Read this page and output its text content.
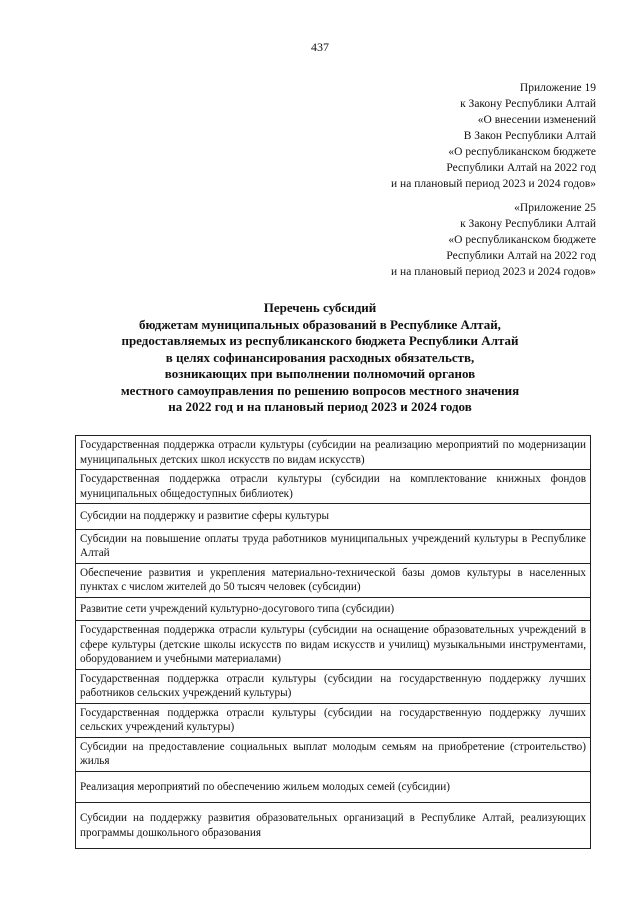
437
Приложение 19
к Закону Республики Алтай
«О внесении изменений
В Закон Республики Алтай
«О республиканском бюджете
Республики Алтай на 2022 год
и на плановый период 2023 и 2024 годов»
«Приложение 25
к Закону Республики Алтай
«О республиканском бюджете
Республики Алтай на 2022 год
и на плановый период 2023 и 2024 годов»
Перечень субсидий
бюджетам муниципальных образований в Республике Алтай,
предоставляемых из республиканского бюджета Республики Алтай
в целях софинансирования расходных обязательств,
возникающих при выполнении полномочий органов
местного самоуправления по решению вопросов местного значения
на 2022 год и на плановый период 2023 и 2024 годов
Государственная поддержка отрасли культуры (субсидии на реализацию мероприятий по модернизации муниципальных детских школ искусств по видам искусств)
Государственная поддержка отрасли культуры (субсидии на комплектование книжных фондов муниципальных общедоступных библиотек)
Субсидии на поддержку и развитие сферы культуры
Субсидии на повышение оплаты труда работников муниципальных учреждений культуры в Республике Алтай
Обеспечение развития и укрепления материально-технической базы домов культуры в населенных пунктах с числом жителей до 50 тысяч человек (субсидии)
Развитие сети учреждений культурно-досугового типа (субсидии)
Государственная поддержка отрасли культуры (субсидии на оснащение образовательных учреждений в сфере культуры (детские школы искусств по видам искусств и училищ) музыкальными инструментами, оборудованием и учебными материалами)
Государственная поддержка отрасли культуры (субсидии на государственную поддержку лучших работников сельских учреждений культуры)
Государственная поддержка отрасли культуры (субсидии на государственную поддержку лучших сельских учреждений культуры)
Субсидии на предоставление социальных выплат молодым семьям на приобретение (строительство) жилья
Реализация мероприятий по обеспечению жильем молодых семей (субсидии)
Субсидии на поддержку развития образовательных организаций в Республике Алтай, реализующих программы дошкольного образования
